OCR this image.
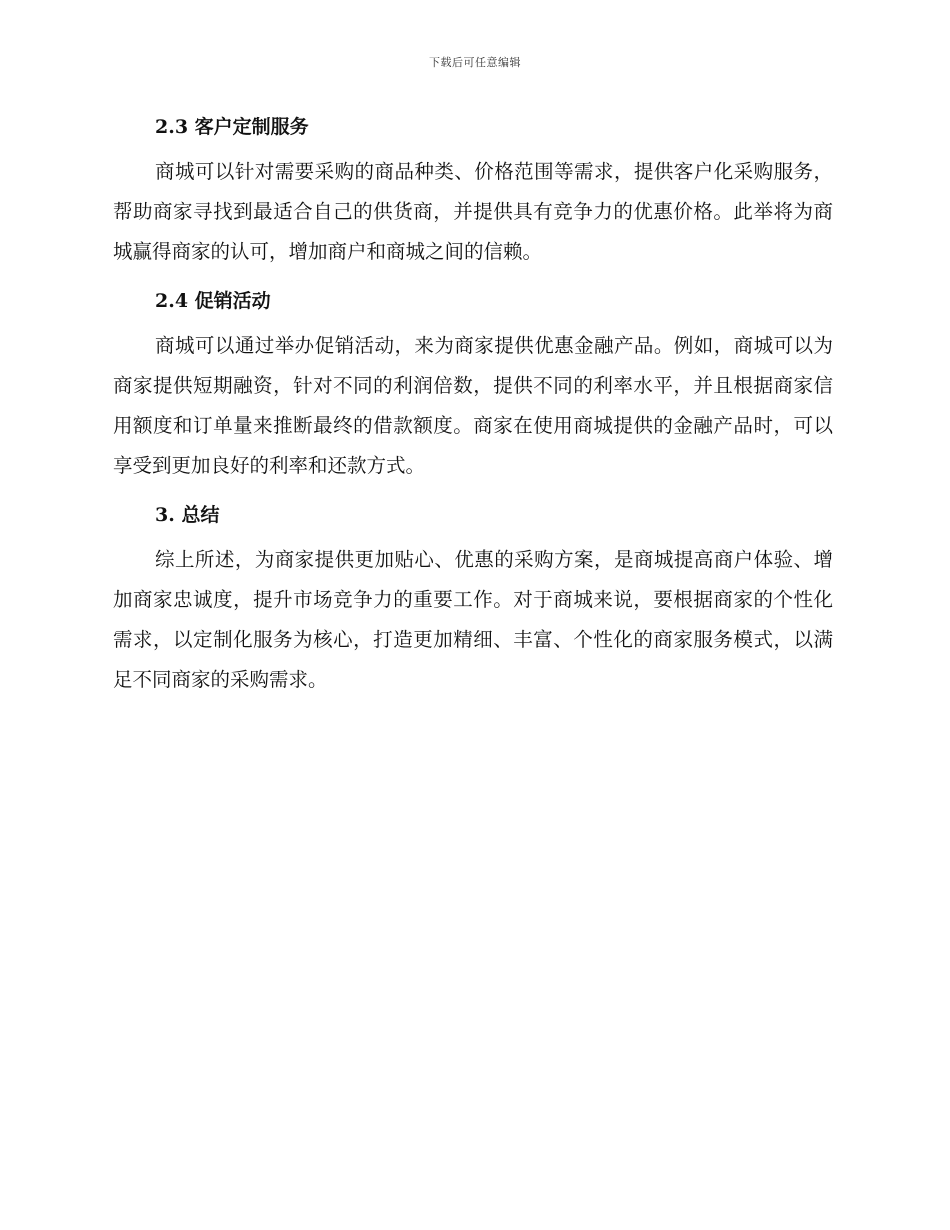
下载后可任意编辑
2.3 客户定制服务

商城可以针对需要采购的商品种类、价格范围等需求，提供客户化采购服务，帮助商家寻找到最适合自己的供货商，并提供具有竞争力的优惠价格。此举将为商城赢得商家的认可，增加商户和商城之间的信赖。

2.4 促销活动

商城可以通过举办促销活动，来为商家提供优惠金融产品。例如，商城可以为商家提供短期融资，针对不同的利润倍数，提供不同的利率水平，并且根据商家信用额度和订单量来推断最终的借款额度。商家在使用商城提供的金融产品时，可以享受到更加良好的利率和还款方式。

3. 总结

综上所述，为商家提供更加贴心、优惠的采购方案，是商城提高商户体验、增加商家忠诚度，提升市场竞争力的重要工作。对于商城来说，要根据商家的个性化需求，以定制化服务为核心，打造更加精细、丰富、个性化的商家服务模式，以满足不同商家的采购需求。
